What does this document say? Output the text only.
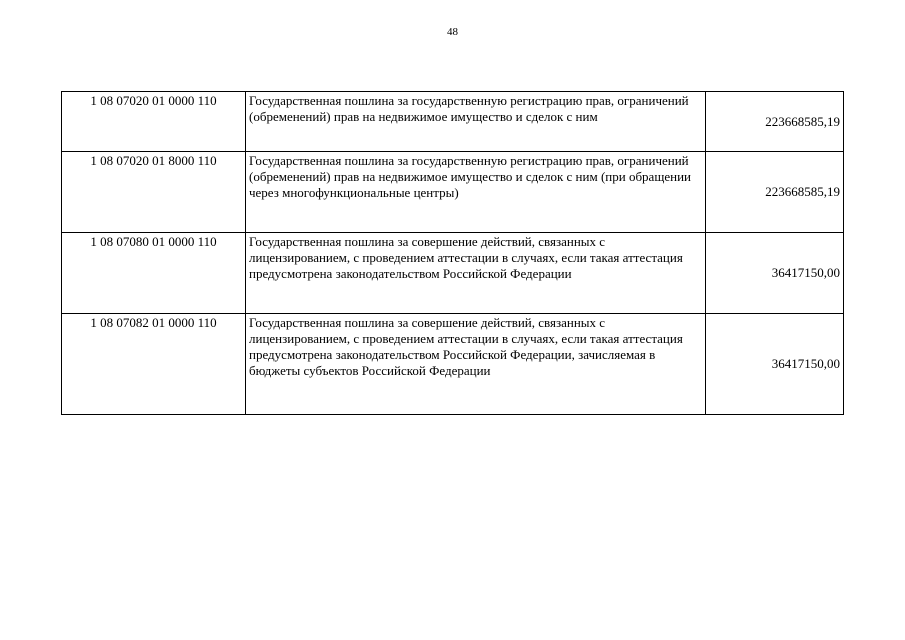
48
1 08 07020 01 0000 110	Государственная пошлина за государственную регистрацию прав, ограничений (обременений) прав на недвижимое имущество и сделок с ним	223668585,19
1 08 07020 01 8000 110	Государственная пошлина за государственную регистрацию прав, ограничений (обременений) прав на недвижимое имущество и сделок с ним (при обращении через многофункциональные центры)	223668585,19
1 08 07080 01 0000 110	Государственная пошлина за совершение действий, связанных с лицензированием, с проведением аттестации в случаях, если такая аттестация предусмотрена законодательством Российской Федерации	36417150,00
1 08 07082 01 0000 110	Государственная пошлина за совершение действий, связанных с лицензированием, с проведением аттестации в случаях, если такая аттестация предусмотрена законодательством Российской Федерации, зачисляемая в бюджеты субъектов Российской Федерации	36417150,00
